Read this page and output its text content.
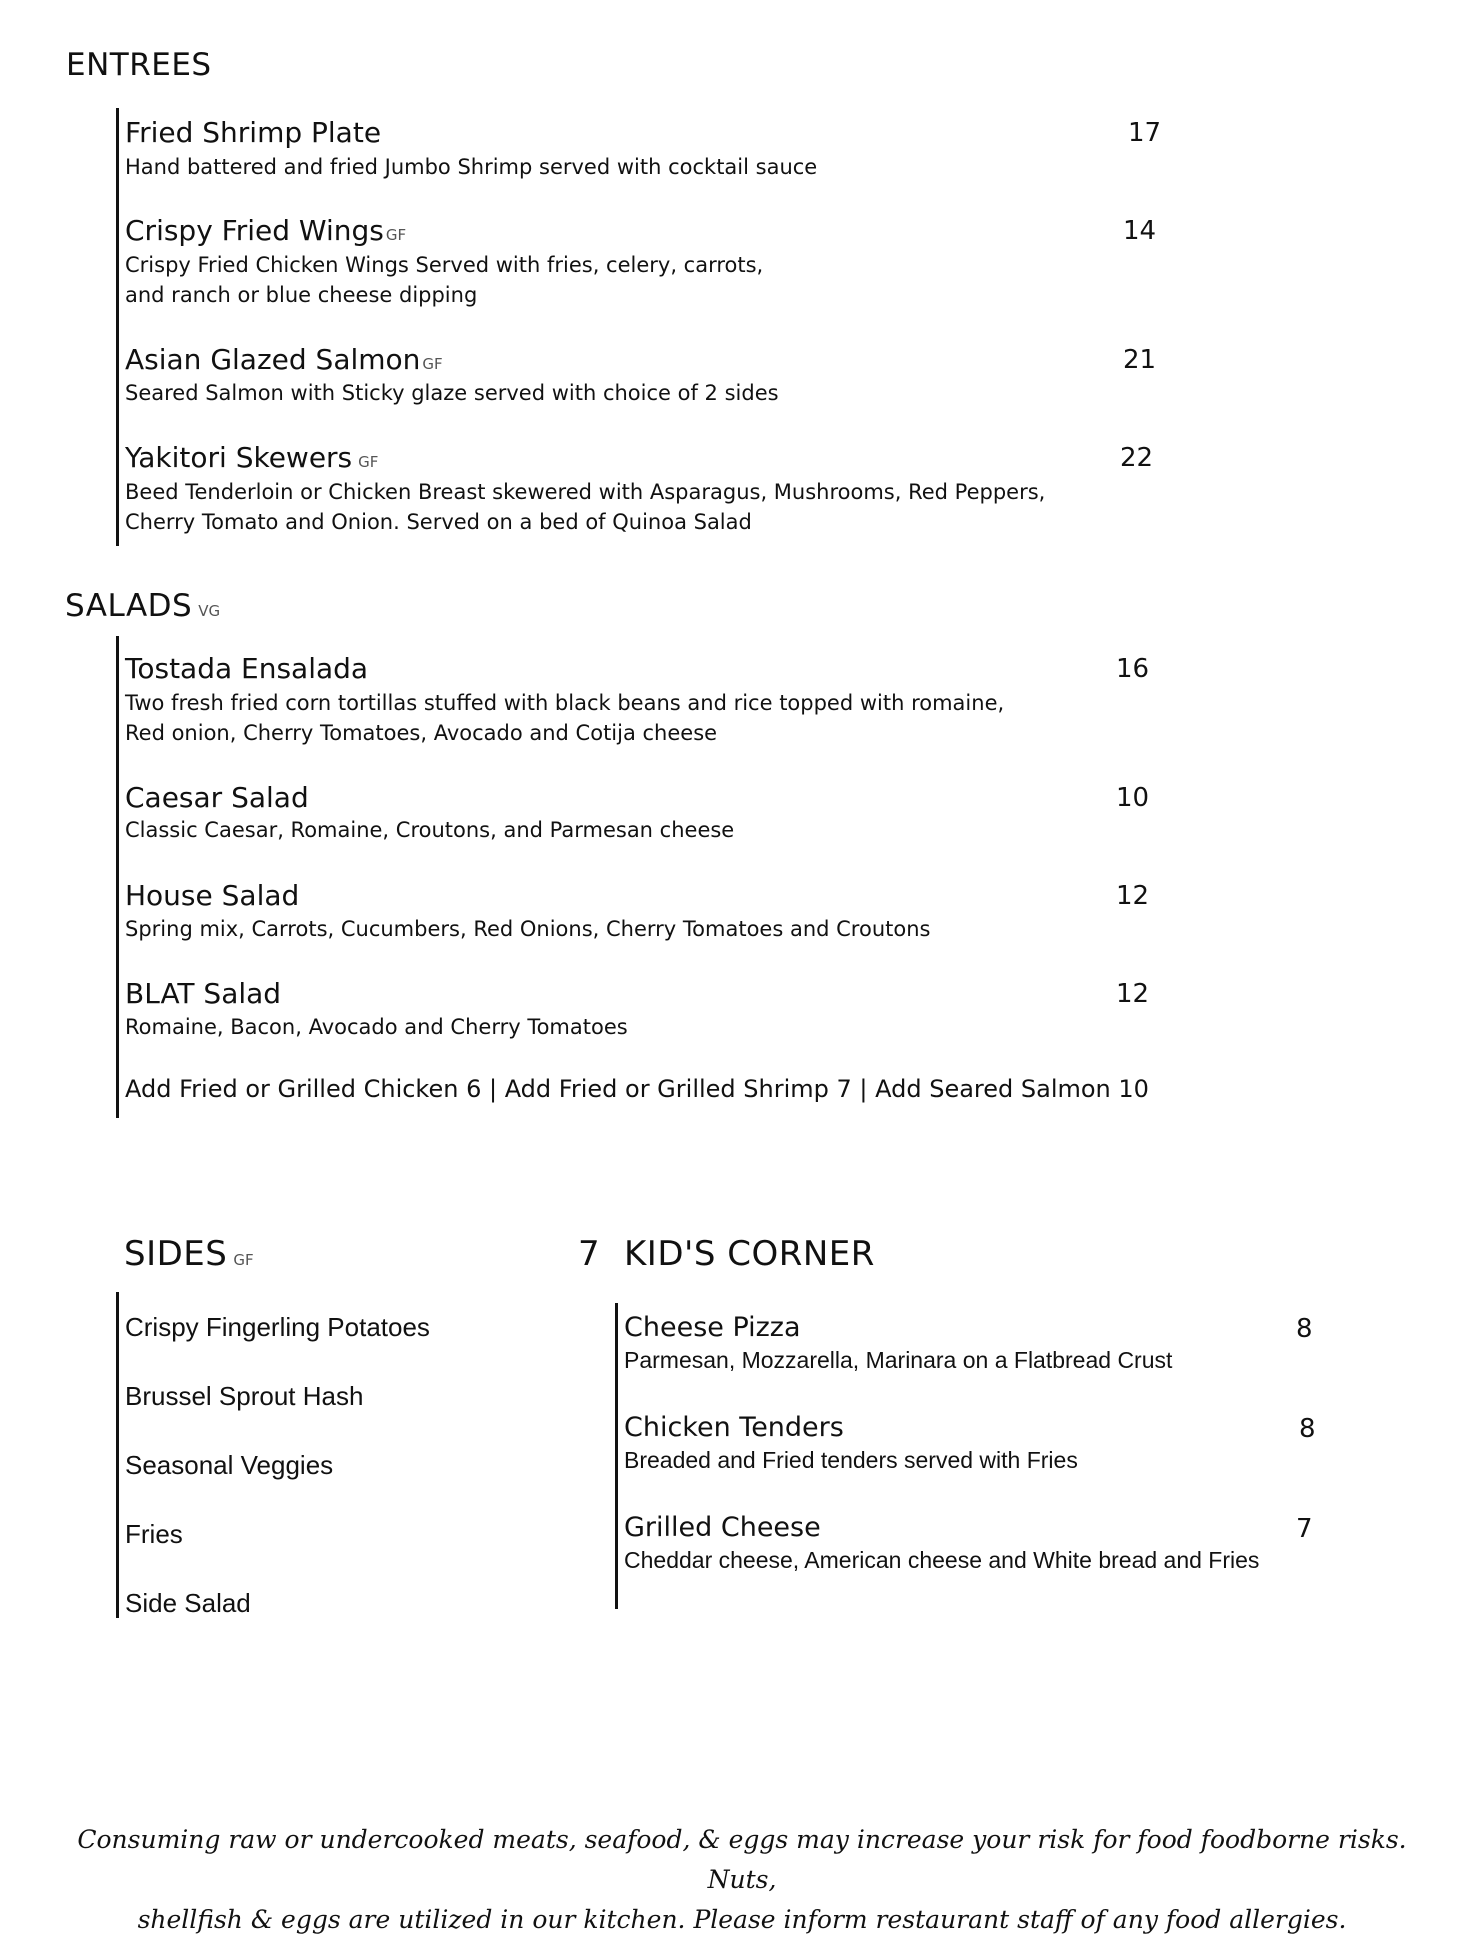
ENTREES
Fried Shrimp Plate	17
Hand battered and fried Jumbo Shrimp served with cocktail sauce
Crispy Fried Wings GF	14
Crispy Fried Chicken Wings Served with fries, celery, carrots,
and ranch or blue cheese dipping
Asian Glazed Salmon GF	21
Seared Salmon with Sticky glaze served with choice of 2 sides
Yakitori Skewers GF	22
Beed Tenderloin or Chicken Breast skewered with Asparagus, Mushrooms, Red Peppers,
Cherry Tomato and Onion. Served on a bed of Quinoa Salad
SALADS VG
Tostada Ensalada	16
Two fresh fried corn tortillas stuffed with black beans and rice topped with romaine,
Red onion, Cherry Tomatoes, Avocado and Cotija cheese
Caesar Salad	10
Classic Caesar, Romaine, Croutons, and Parmesan cheese
House Salad	12
Spring mix, Carrots, Cucumbers, Red Onions, Cherry Tomatoes and Croutons
BLAT Salad	12
Romaine, Bacon, Avocado and Cherry Tomatoes
Add Fried or Grilled Chicken 6 | Add Fried or Grilled Shrimp 7 | Add Seared Salmon 10
SIDES GF	7
Crispy Fingerling Potatoes
Brussel Sprout Hash
Seasonal Veggies
Fries
Side Salad
KID'S CORNER
Cheese Pizza	8
Parmesan, Mozzarella, Marinara on a Flatbread Crust
Chicken Tenders	8
Breaded and Fried tenders served with Fries
Grilled Cheese	7
Cheddar cheese, American cheese and White bread and Fries
Consuming raw or undercooked meats, seafood, & eggs may increase your risk for food foodborne risks. Nuts,
shellfish & eggs are utilized in our kitchen. Please inform restaurant staff of any food allergies.
